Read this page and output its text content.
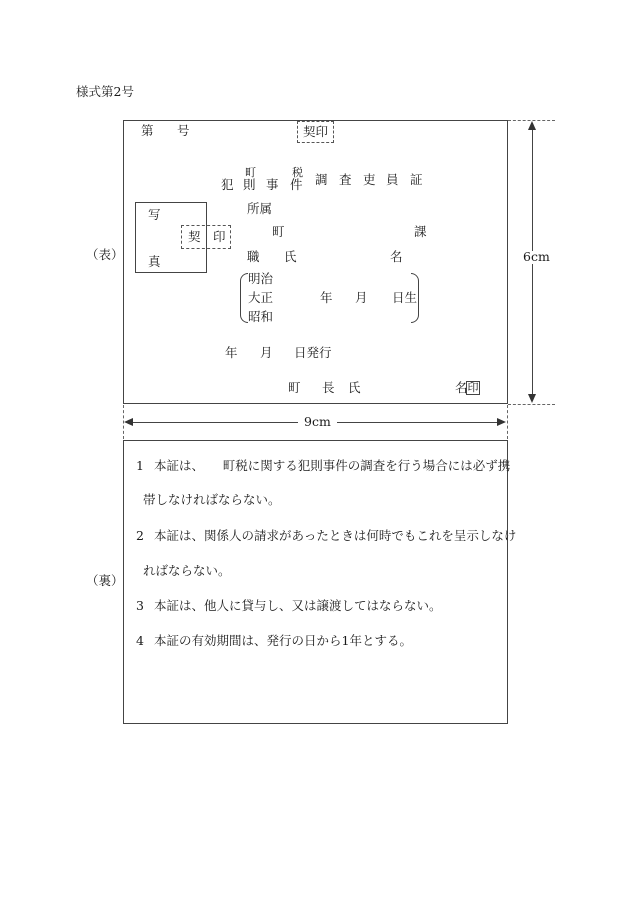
様式第2号
（表）
（裏）
第 号	契印
町	税
犯 則 事 件 調 査 吏 員 証
写
真
契 印
所属
町	課
職 氏	名
明治
大正
昭和
年 月 日生
年 月 日発行
町 長 氏	名 印
6cm
9cm
1 本証は、　　町税に関する犯則事件の調査を行う場合には必ず携
帯しなければならない。
2 本証は、関係人の請求があったときは何時でもこれを呈示しなけ
ればならない。
3 本証は、他人に貸与し、又は譲渡してはならない。
4 本証の有効期間は、発行の日から1年とする。
